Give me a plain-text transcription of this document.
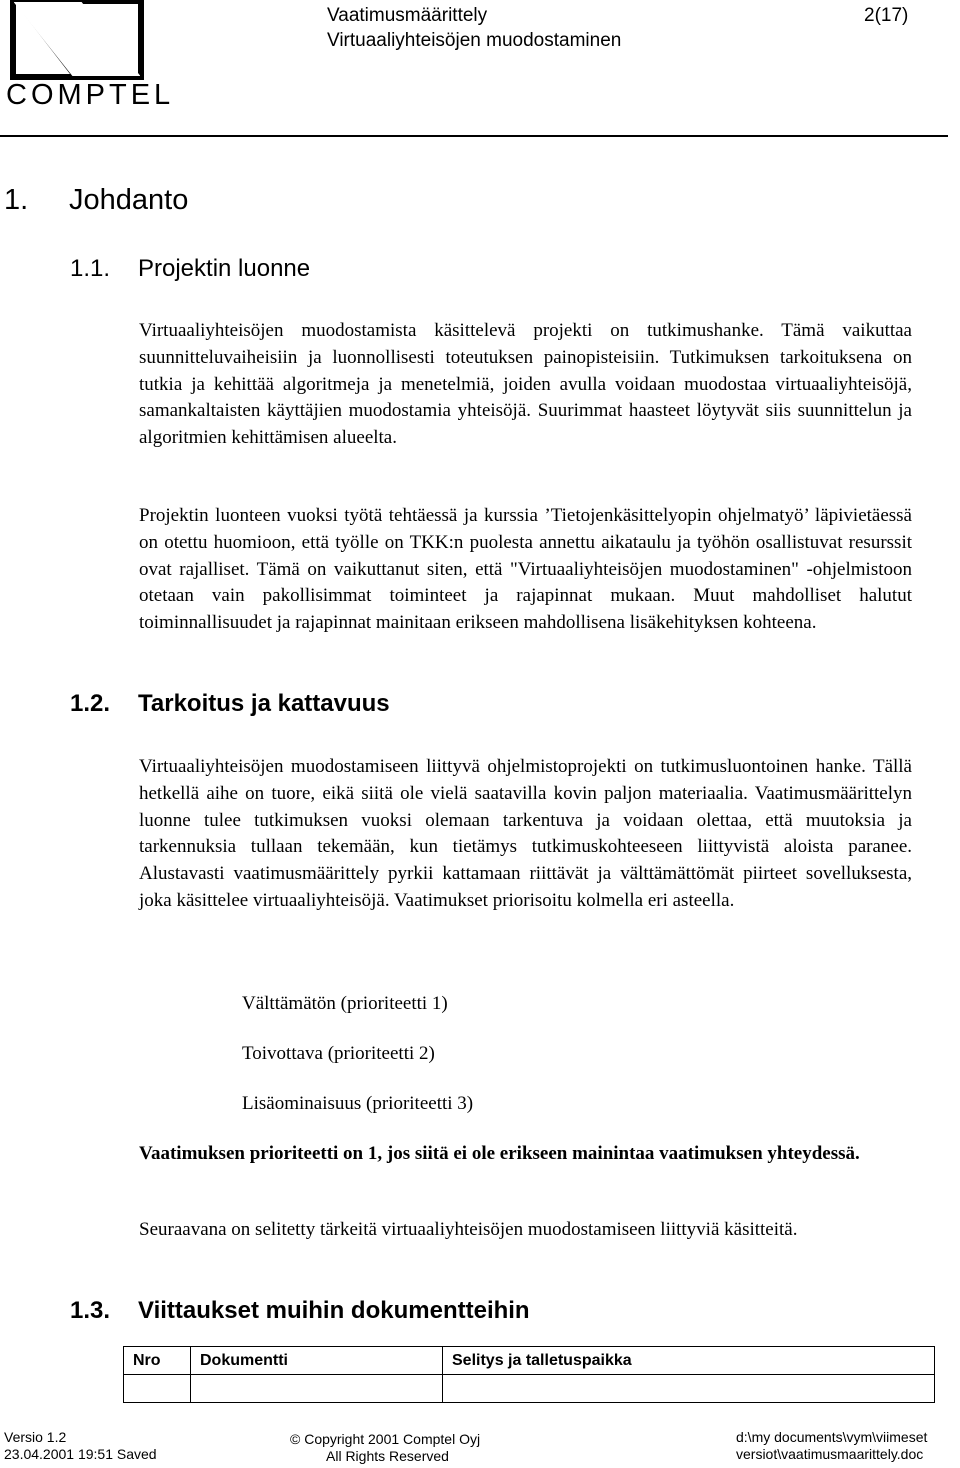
COMPTEL
Vaatimusmäärittely
Virtuaaliyhteisöjen muodostaminen
2(17)
1. Johdanto
1.1. Projektin luonne

Virtuaaliyhteisöjen muodostamista käsittelevä projekti on tutkimushanke. Tämä vaikuttaa suunnitteluvaiheisiin ja luonnollisesti toteutuksen painopisteisiin. Tutkimuksen tarkoituksena on tutkia ja kehittää algoritmeja ja menetelmiä, joiden avulla voidaan muodostaa virtuaaliyhteisöjä, samankaltaisten käyttäjien muodostamia yhteisöjä. Suurimmat haasteet löytyvät siis suunnittelun ja algoritmien kehittämisen alueelta.

Projektin luonteen vuoksi työtä tehtäessä ja kurssia ’Tietojenkäsittelyopin ohjelmatyö’ läpivietäessä on otettu huomioon, että työlle on TKK:n puolesta annettu aikataulu ja työhön osallistuvat resurssit ovat rajalliset. Tämä on vaikuttanut siten, että "Virtuaaliyhteisöjen muodostaminen" -ohjelmistoon otetaan vain pakollisimmat toiminteet ja rajapinnat mukaan. Muut mahdolliset halutut toiminnallisuudet ja rajapinnat mainitaan erikseen mahdollisena lisäkehityksen kohteena.

1.2. Tarkoitus ja kattavuus

Virtuaaliyhteisöjen muodostamiseen liittyvä ohjelmistoprojekti on tutkimusluontoinen hanke. Tällä hetkellä aihe on tuore, eikä siitä ole vielä saatavilla kovin paljon materiaalia. Vaatimusmäärittelyn luonne tulee tutkimuksen vuoksi olemaan tarkentuva ja voidaan olettaa, että muutoksia ja tarkennuksia tullaan tekemään, kun tietämys tutkimuskohteeseen liittyvistä aloista paranee. Alustavasti vaatimusmäärittely pyrkii kattamaan riittävät ja välttämättömät piirteet sovelluksesta, joka käsittelee virtuaaliyhteisöjä. Vaatimukset priorisoitu kolmella eri asteella.

Välttämätön (prioriteetti 1)

Toivottava (prioriteetti 2)

Lisäominaisuus (prioriteetti 3)

Vaatimuksen prioriteetti on 1, jos siitä ei ole erikseen mainintaa vaatimuksen yhteydessä.

Seuraavana on selitetty tärkeitä virtuaaliyhteisöjen muodostamiseen liittyviä käsitteitä.

1.3. Viittaukset muihin dokumentteihin
Nro	Dokumentti	Selitys ja talletuspaikka

Versio 1.2
23.04.2001 19:51 Saved
© Copyright 2001 Comptel Oyj
All Rights Reserved
d:\my documents\vym\viimeset
versiot\vaatimusmaarittely.doc
